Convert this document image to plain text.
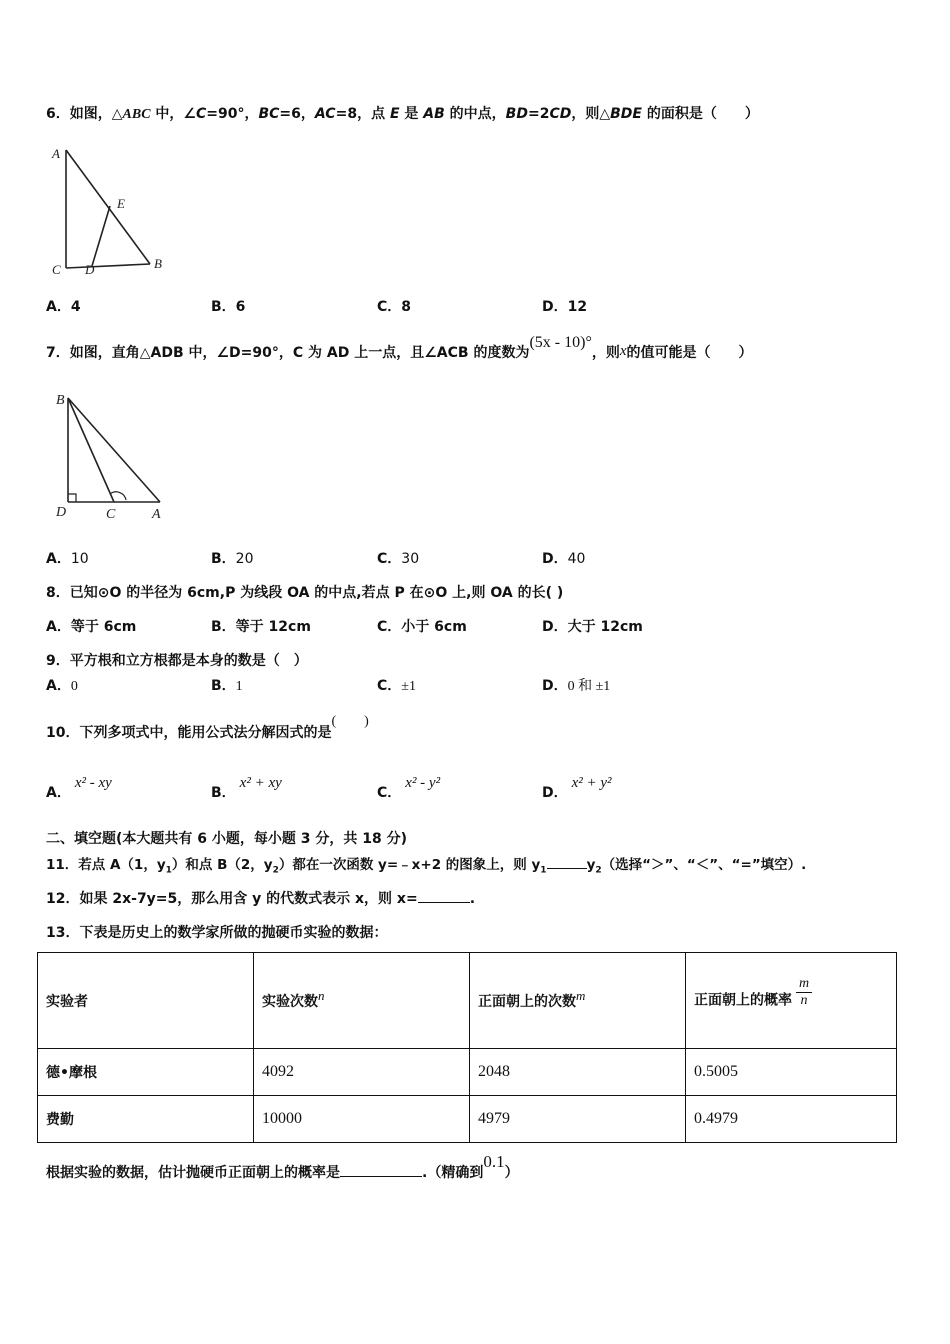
6．如图，△ABC 中，∠C=90°，BC=6，AC=8，点 E 是 AB 的中点，BD=2CD，则△BDE 的面积是（　　）
A
E
C D	B
A．4	B．6	C．8	D．12
7．如图，直角△ADB 中，∠D=90°，C 为 AD 上一点，且∠ACB 的度数为(5x - 10)°，则x的值可能是（　　）
B
D	C	A
A．10	B．20	C．30	D．40
8．已知⊙O 的半径为 6cm,P 为线段 OA 的中点,若点 P 在⊙O 上,则 OA 的长( )
A．等于 6cm	B．等于 12cm	C．小于 6cm	D．大于 12cm
9．平方根和立方根都是本身的数是（　）
A．0	B．1	C．±1	D．0 和 ±1
10．下列多项式中，能用公式法分解因式的是(　　)
A．x² - xy
B．x² + xy
C．x² - y²
D．x² + y²
二、填空题(本大题共有 6 小题，每小题 3 分，共 18 分)
11．若点 A（1，$y_1$）和点 B（2，$y_2$）都在一次函数 y=﹣x+2 的图象上，则 $y_1$	$y_2$（选择“＞”、“＜”、“=”填空）.
12．如果 2x-7y=5，那么用含 y 的代数式表示 x，则 x=	.
13．下表是历史上的数学家所做的抛硬币实验的数据：
实验者	实验次数n	正面朝上的次数m	正面朝上的概率 $\frac{m}{n}$

德•摩根	4092	2048	0.5005
费勤	10000	4979	0.4979
根据实验的数据，估计抛硬币正面朝上的概率是	.（精确到0.1）
